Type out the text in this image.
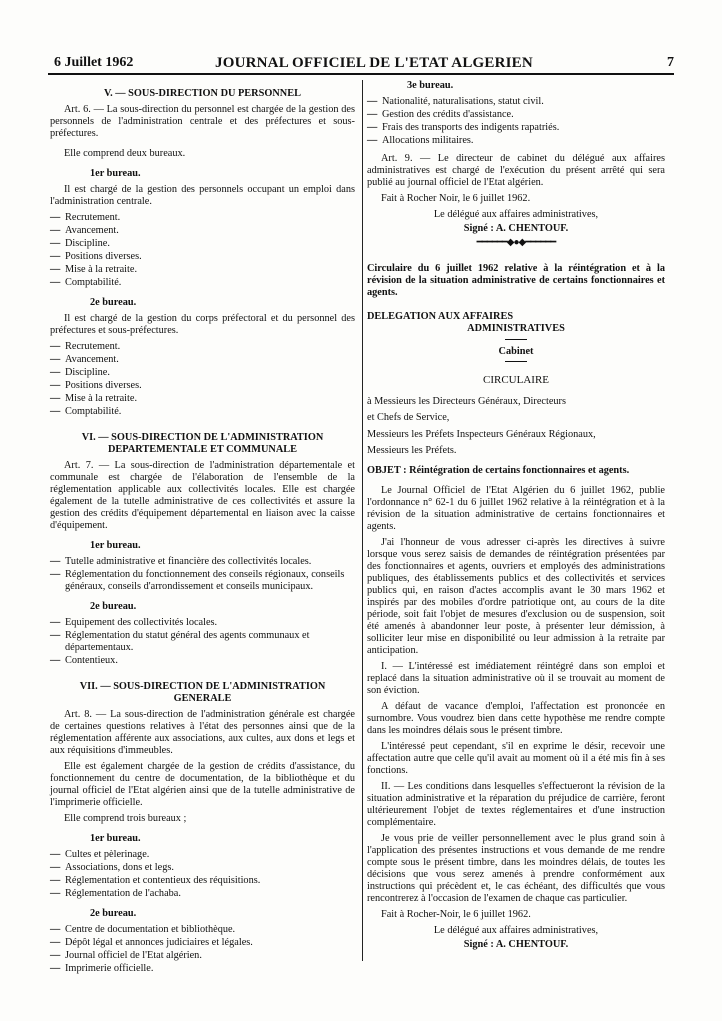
6 Juillet 1962	JOURNAL OFFICIEL DE L'ETAT ALGERIEN	7
V. — SOUS-DIRECTION DU PERSONNEL

Art. 6. — La sous-direction du personnel est chargée de la gestion des personnels de l'administration centrale et des préfectures et sous-préfectures.

Elle comprend deux bureaux.

1er bureau.

Il est chargé de la gestion des personnels occupant un emploi dans l'administration centrale.

— Recrutement.
— Avancement.
— Discipline.
— Positions diverses.
— Mise à la retraite.
— Comptabilité.
2e bureau.

Il est chargé de la gestion du corps préfectoral et du personnel des préfectures et sous-préfectures.

— Recrutement.
— Avancement.
— Discipline.
— Positions diverses.
— Mise à la retraite.
— Comptabilité.
VI. — SOUS-DIRECTION DE L'ADMINISTRATION
DEPARTEMENTALE ET COMMUNALE

Art. 7. — La sous-direction de l'administration départementale et communale est chargée de l'élaboration de l'ensemble de la réglementation applicable aux collectivités locales. Elle est chargée également de la tutelle administrative de ces collectivités et assure la gestion des crédits d'équipement départemental en liaison avec la caisse d'équipement.

1er bureau.
— Tutelle administrative et financière des collectivités locales.
— Réglementation du fonctionnement des conseils régionaux, conseils généraux, conseils d'arrondissement et conseils municipaux.
2e bureau.
— Equipement des collectivités locales.
— Réglementation du statut général des agents communaux et départementaux.
— Contentieux.
VII. — SOUS-DIRECTION DE L'ADMINISTRATION
GENERALE

Art. 8. — La sous-direction de l'administration générale est chargée de certaines questions relatives à l'état des personnes ainsi que de la réglementation afférente aux associations, aux cultes, aux dons et legs et aux réquisitions d'immeubles.

Elle est également chargée de la gestion de crédits d'assistance, du fonctionnement du centre de documentation, de la bibliothèque et du journal officiel de l'Etat algérien ainsi que de la tutelle administrative de l'imprimerie officielle.

Elle comprend trois bureaux ;

1er bureau.
— Cultes et pèlerinage.
— Associations, dons et legs.
— Réglementation et contentieux des réquisitions.
— Réglementation de l'achaba.
2e bureau.
— Centre de documentation et bibliothèque.
— Dépôt légal et annonces judiciaires et légales.
— Journal officiel de l'Etat algérien.
— Imprimerie officielle.
3e bureau.
— Nationalité, naturalisations, statut civil.
— Gestion des crédits d'assistance.
— Frais des transports des indigents rapatriés.
— Allocations militaires.

Art. 9. — Le directeur de cabinet du délégué aux affaires administratives est chargé de l'exécution du présent arrêté qui sera publié au journal officiel de l'Etat algérien.

Fait à Rocher Noir, le 6 juillet 1962.

Le délégué aux affaires administratives,
Signé : A. CHENTOUF.
━━━━━━◆●◆━━━━━━

Circulaire du 6 juillet 1962 relative à la réintégration et à la révision de la situation administrative de certains fonctionnaires et agents.

DELEGATION AUX AFFAIRES
ADMINISTRATIVES
Cabinet
CIRCULAIRE

à Messieurs les Directeurs Généraux, Directeurs

et Chefs de Service,

Messieurs les Préfets Inspecteurs Généraux Régionaux,

Messieurs les Préfets.

OBJET : Réintégration de certains fonctionnaires et agents.

Le Journal Officiel de l'Etat Algérien du 6 juillet 1962, publie l'ordonnance n° 62-1 du 6 juillet 1962 relative à la réintégration et à la révision de la situation administrative de certains fonctionnaires et agents.

J'ai l'honneur de vous adresser ci-après les directives à suivre lorsque vous serez saisis de demandes de réintégration présentées par des fonctionnaires et agents, ouvriers et employés des administrations publiques, des établissements publics et des collectivités et services publics qui, en raison d'actes accomplis avant le 30 mars 1962 et inspirés par des mobiles d'ordre patriotique ont, au cours de la dite période, soit fait l'objet de mesures d'exclusion ou de suspension, soit été amenés à abandonner leur poste, à présenter leur démission, à solliciter leur mise en disponibilité ou leur admission à la retraite par anticipation.

I. — L'intéressé est imédiatement réintégré dans son emploi et replacé dans la situation administrative où il se trouvait au moment de son éviction.

A défaut de vacance d'emploi, l'affectation est prononcée en surnombre. Vous voudrez bien dans cette hypothèse me rendre compte dans les moindres délais sous le présent timbre.

L'intéressé peut cependant, s'il en exprime le désir, recevoir une affectation autre que celle qu'il avait au moment où il a été mis fin à ses fonctions.

II. — Les conditions dans lesquelles s'effectueront la révision de la situation administrative et la réparation du préjudice de carrière, feront ultérieurement l'objet de textes réglementaires et d'une instruction complémentaire.

Je vous prie de veiller personnellement avec le plus grand soin à l'application des présentes instructions et vous demande de me rendre compte sous le présent timbre, dans les moindres délais, de toutes les décisions que vous serez amenés à prendre conformément aux instructions qui précèdent et, le cas échéant, des difficultés que vous rencontrerez à l'occasion de l'examen de chaque cas particulier.

Fait à Rocher-Noir, le 6 juillet 1962.

Le délégué aux affaires administratives,
Signé : A. CHENTOUF.
